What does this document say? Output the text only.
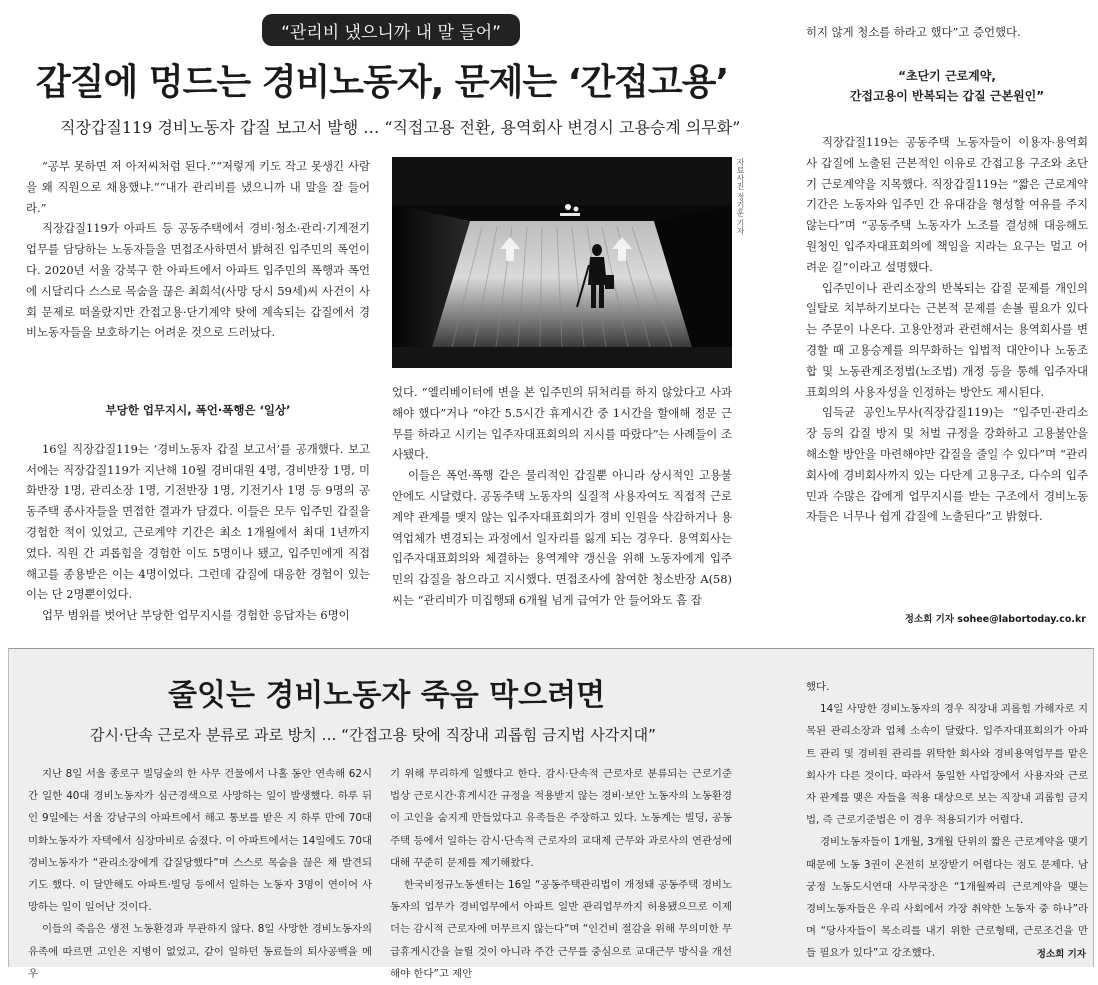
“관리비 냈으니까 내 말 들어”
갑질에 멍드는 경비노동자, 문제는 ‘간접고용’
직장갑질119 경비노동자 갑질 보고서 발행 … “직접고용 전환, 용역회사 변경시 고용승계 의무화”

“공부 못하면 저 아저씨처럼 된다.”“저렇게 키도 작고 못생긴 사람을 왜 직원으로 채용했냐.”“내가 관리비를 냈으니까 내 말을 잘 들어라.”

직장갑질119가 아파트 등 공동주택에서 경비·청소·관리·기계전기 업무를 담당하는 노동자들을 면접조사하면서 밝혀진 입주민의 폭언이다. 2020년 서울 강북구 한 아파트에서 아파트 입주민의 폭행과 폭언에 시달리다 스스로 목숨을 끊은 최희석(사망 당시 59세)씨 사건이 사회 문제로 떠올랐지만 간접고용·단기계약 탓에 계속되는 갑질에서 경비노동자들을 보호하기는 어려운 것으로 드러났다.

부당한 업무지시, 폭언·폭행은 ‘일상’

16일 직장갑질119는 ‘경비노동자 갑질 보고서’를 공개했다. 보고서에는 직장갑질119가 지난해 10월 경비대원 4명, 경비반장 1명, 미화반장 1명, 관리소장 1명, 기전반장 1명, 기전기사 1명 등 9명의 공동주택 종사자들을 면접한 결과가 담겼다. 이들은 모두 입주민 갑질을 경험한 적이 있었고, 근로계약 기간은 최소 1개월에서 최대 1년까지였다. 직원 간 괴롭힘을 경험한 이도 5명이나 됐고, 입주민에게 직접 해고를 종용받은 이는 4명이었다. 그런데 갑질에 대응한 경험이 있는 이는 단 2명뿐이었다.

업무 범위를 벗어난 부당한 업무지시를 경험한 응답자는 6명이

자료사진 정기훈 기자

었다. “엘리베이터에 변을 본 입주민의 뒤처리를 하지 않았다고 사과해야 했다”거나 “야간 5.5시간 휴게시간 중 1시간을 할애해 정문 근무를 하라고 시키는 입주자대표회의의 지시를 따랐다”는 사례들이 조사됐다.

이들은 폭언·폭행 같은 물리적인 갑질뿐 아니라 상시적인 고용불안에도 시달렸다. 공동주택 노동자의 실질적 사용자여도 직접적 근로계약 관계를 맺지 않는 입주자대표회의가 경비 인원을 삭감하거나 용역업체가 변경되는 과정에서 일자리를 잃게 되는 경우다. 용역회사는 입주자대표회의와 체결하는 용역계약 갱신을 위해 노동자에게 입주민의 갑질을 참으라고 지시했다. 면접조사에 참여한 청소반장 A(58)씨는 “관리비가 미집행돼 6개월 넘게 급여가 안 들어와도 흠 잡

히지 않게 청소를 하라고 했다”고 증언했다.

“초단기 근로계약,
간접고용이 반복되는 갑질 근본원인”

직장갑질119는 공동주택 노동자들이 이용자·용역회사 갑질에 노출된 근본적인 이유로 간접고용 구조와 초단기 근로계약을 지목했다. 직장갑질119는 “짧은 근로계약 기간은 노동자와 입주민 간 유대감을 형성할 여유를 주지 않는다”며 “공동주택 노동자가 노조를 결성해 대응해도 원청인 입주자대표회의에 책임을 지라는 요구는 멀고 어려운 길”이라고 설명했다.

입주민이나 관리소장의 반복되는 갑질 문제를 개인의 일탈로 치부하기보다는 근본적 문제를 손볼 필요가 있다는 주문이 나온다. 고용안정과 관련해서는 용역회사를 변경할 때 고용승계를 의무화하는 입법적 대안이나 노동조합 및 노동관계조정법(노조법) 개정 등을 통해 입주자대표회의의 사용자성을 인정하는 방안도 제시된다.

임득균 공인노무사(직장갑질119)는 “입주민·관리소장 등의 갑질 방지 및 처벌 규정을 강화하고 고용불안을 해소할 방안을 마련해야만 갑질을 줄일 수 있다”며 “관리회사에 경비회사까지 있는 다단계 고용구조, 다수의 입주민과 수많은 갑에게 업무지시를 받는 구조에서 경비노동자들은 너무나 쉽게 갑질에 노출된다”고 밝혔다.

정소희 기자 sohee@labortoday.co.kr
줄잇는 경비노동자 죽음 막으려면
감시·단속 근로자 분류로 과로 방치 … “간접고용 탓에 직장내 괴롭힘 금지법 사각지대”

지난 8일 서울 종로구 빌딩숲의 한 사무 건물에서 나홀 동안 연속해 62시간 일한 40대 경비노동자가 심근경색으로 사망하는 일이 발생했다. 하루 뒤인 9일에는 서울 강남구의 아파트에서 해고 통보를 받은 지 하루 만에 70대 미화노동자가 자택에서 심장마비로 숨졌다. 이 아파트에서는 14일에도 70대 경비노동자가 “관리소장에게 갑질당했다”며 스스로 목숨을 끊은 채 발견되기도 했다. 이 달만해도 아파트·빌딩 등에서 일하는 노동자 3명이 연이어 사망하는 일이 일어난 것이다.

이들의 죽음은 생전 노동환경과 무관하지 않다. 8일 사망한 경비노동자의 유족에 따르면 고인은 지병이 없었고, 같이 일하던 동료들의 퇴사공백을 메우

기 위해 무리하게 일했다고 한다. 감시·단속적 근로자로 분류되는 근로기준법상 근로시간·휴게시간 규정을 적용받지 않는 경비·보안 노동자의 노동환경이 고인을 숨지게 만들었다고 유족들은 주장하고 있다. 노동계는 빌딩, 공동주택 등에서 일하는 감시·단속적 근로자의 교대제 근무와 과로사의 연관성에 대해 꾸준히 문제를 제기해왔다.

한국비정규노동센터는 16일 “공동주택관리법이 개정돼 공동주택 경비노동자의 업무가 경비업무에서 아파트 일반 관리업무까지 허용됐으므로 이제 더는 감시적 근로자에 머무르지 않는다”며 “인건비 절감을 위해 무의미한 무급휴게시간을 늘릴 것이 아니라 주간 근무를 중심으로 교대근무 방식을 개선해야 한다”고 제안

했다.

14일 사망한 경비노동자의 경우 직장내 괴롭힘 가해자로 지목된 관리소장과 업체 소속이 달랐다. 입주자대표회의가 아파트 관리 및 경비원 관리를 위탁한 회사와 경비용역업무를 맡은 회사가 다른 것이다. 따라서 동일한 사업장에서 사용자와 근로자 관계를 맺은 자들을 적용 대상으로 보는 직장내 괴롭힘 금지법, 즉 근로기준법은 이 경우 적용되기가 어렵다.

경비노동자들이 1개월, 3개월 단위의 짧은 근로계약을 맺기 때문에 노동 3권이 온전히 보장받기 어렵다는 점도 문제다. 남궁정 노동도시연대 사무국장은 “1개월짜리 근로계약을 맺는 경비노동자들은 우리 사회에서 가장 취약한 노동자 중 하나”라며 “당사자들이 목소리를 내기 위한 근로형태, 근로조건을 만들 필요가 있다”고 강조했다.	정소희 기자
